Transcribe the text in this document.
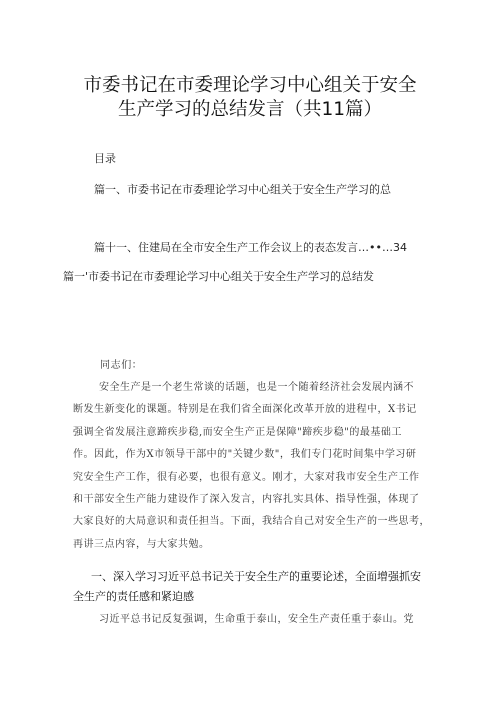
市委书记在市委理论学习中心组关于安全
生产学习的总结发言（共11篇）
目录
篇一、市委书记在市委理论学习中心组关于安全生产学习的总
篇十一、住建局在全市安全生产工作会议上的表态发言…••…34
篇一'市委书记在市委理论学习中心组关于安全生产学习的总结发
同志们：
安全生产是一个老生常谈的话题，也是一个随着经济社会发展内涵不
断发生新变化的课题。特别是在我们省全面深化改革开放的进程中，X书记
强调全省发展注意蹄疾步稳,而安全生产正是保障"蹄疾步稳"的最基础工
作。因此，作为X市领导干部中的"关键少数"，我们专门花时间集中学习研
究安全生产工作，很有必要，也很有意义。刚才，大家对我市安全生产工作
和干部安全生产能力建设作了深入发言，内容扎实具体、指导性强，体现了
大家良好的大局意识和责任担当。下面，我结合自己对安全生产的一些思考，
再讲三点内容，与大家共勉。
一、深入学习习近平总书记关于安全生产的重要论述，全面增强抓安
全生产的责任感和紧迫感
习近平总书记反复强调，生命重于泰山，安全生产责任重于泰山。党
